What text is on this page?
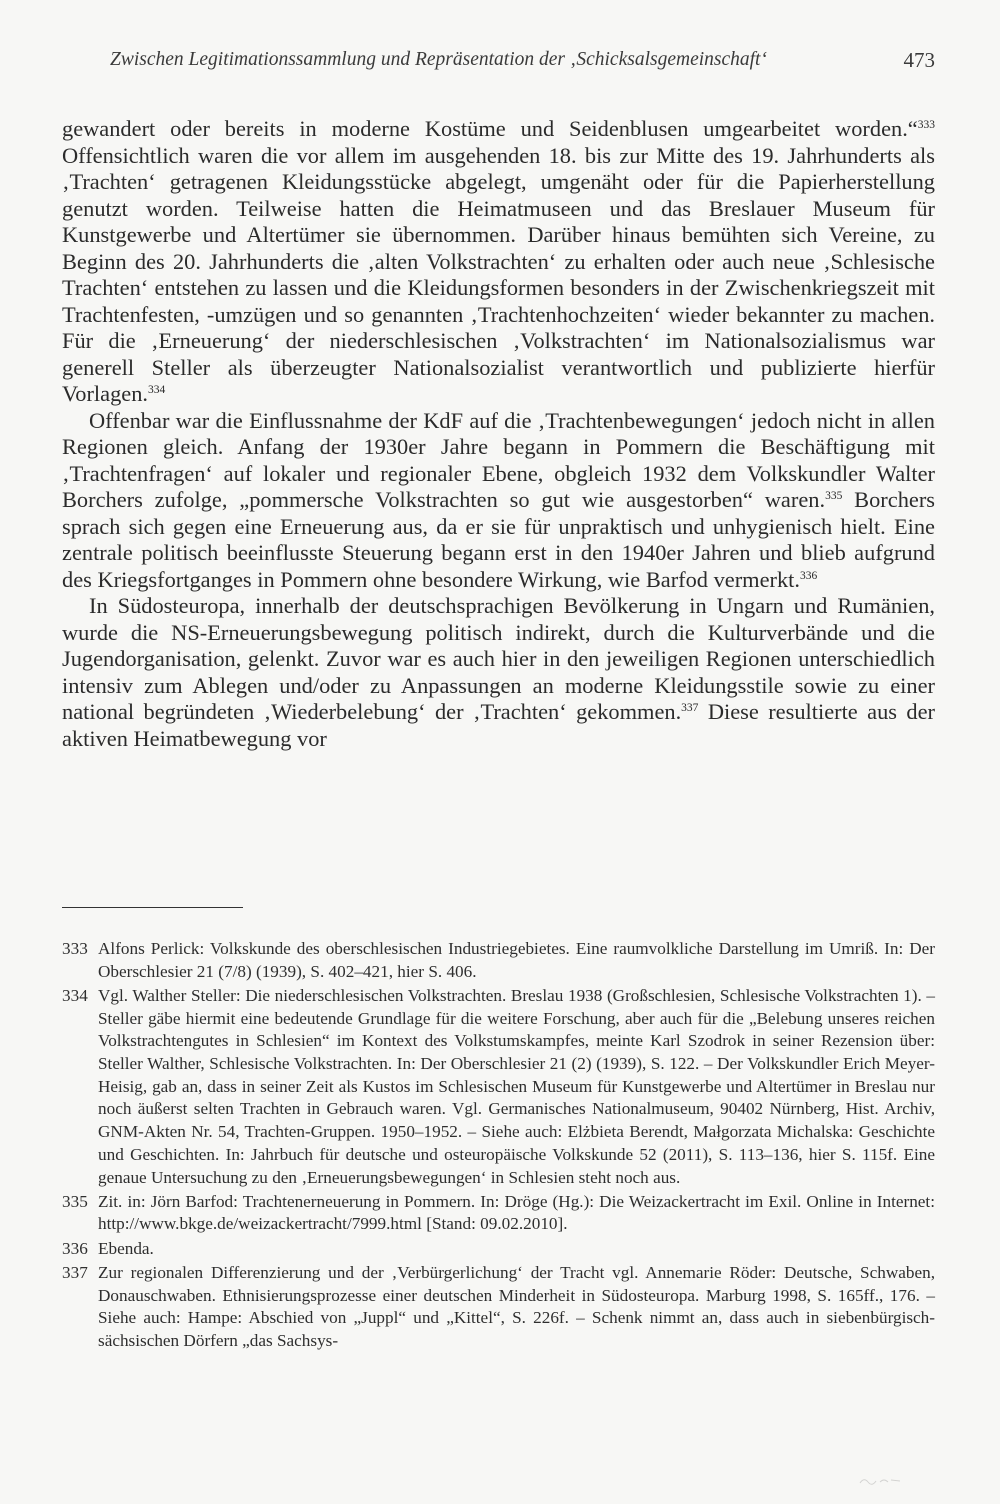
Zwischen Legitimationssammlung und Repräsentation der ‚Schicksalsgemeinschaft‘	473

gewandert oder bereits in moderne Kostüme und Seidenblusen umgearbeitet worden.“$^{333}$ Offensichtlich waren die vor allem im ausgehenden 18. bis zur Mitte des 19. Jahrhunderts als ‚Trachten‘ getragenen Kleidungsstücke abgelegt, umgenäht oder für die Papierherstellung genutzt worden. Teilweise hatten die Heimatmuseen und das Breslauer Museum für Kunstgewerbe und Altertümer sie übernommen. Darüber hinaus bemühten sich Vereine, zu Beginn des 20. Jahrhunderts die ‚alten Volkstrachten‘ zu erhalten oder auch neue ‚Schlesische Trachten‘ entstehen zu lassen und die Kleidungsformen besonders in der Zwischenkriegszeit mit Trachtenfesten, -umzügen und so genannten ‚Trachtenhochzeiten‘ wieder bekannter zu machen. Für die ‚Erneuerung‘ der niederschlesischen ‚Volkstrachten‘ im Nationalsozialismus war generell Steller als überzeugter Nationalsozialist verantwortlich und publizierte hierfür Vorlagen.$^{334}$

Offenbar war die Einflussnahme der KdF auf die ‚Trachtenbewegungen‘ jedoch nicht in allen Regionen gleich. Anfang der 1930er Jahre begann in Pommern die Beschäftigung mit ‚Trachtenfragen‘ auf lokaler und regionaler Ebene, obgleich 1932 dem Volkskundler Walter Borchers zufolge, „pommersche Volkstrachten so gut wie ausgestorben“ waren.$^{335}$ Borchers sprach sich gegen eine Erneuerung aus, da er sie für unpraktisch und unhygienisch hielt. Eine zentrale politisch beeinflusste Steuerung begann erst in den 1940er Jahren und blieb aufgrund des Kriegsfortganges in Pommern ohne besondere Wirkung, wie Barfod vermerkt.$^{336}$

In Südosteuropa, innerhalb der deutschsprachigen Bevölkerung in Ungarn und Rumänien, wurde die NS-Erneuerungsbewegung politisch indirekt, durch die Kulturverbände und die Jugendorganisation, gelenkt. Zuvor war es auch hier in den jeweiligen Regionen unterschiedlich intensiv zum Ablegen und/oder zu Anpassungen an moderne Kleidungsstile sowie zu einer national begründeten ‚Wiederbelebung‘ der ‚Trachten‘ gekommen.$^{337}$ Diese resultierte aus der aktiven Heimatbewegung vor

333 Alfons Perlick: Volkskunde des oberschlesischen Industriegebietes. Eine raumvolkliche Darstellung im Umriß. In: Der Oberschlesier 21 (7/8) (1939), S. 402–421, hier S. 406.
334 Vgl. Walther Steller: Die niederschlesischen Volkstrachten. Breslau 1938 (Großschlesien, Schlesische Volkstrachten 1). – Steller gäbe hiermit eine bedeutende Grundlage für die weitere Forschung, aber auch für die „Belebung unseres reichen Volkstrachtengutes in Schlesien“ im Kontext des Volkstumskampfes, meinte Karl Szodrok in seiner Rezension über: Steller Walther, Schlesische Volkstrachten. In: Der Oberschlesier 21 (2) (1939), S. 122. – Der Volkskundler Erich Meyer-Heisig, gab an, dass in seiner Zeit als Kustos im Schlesischen Museum für Kunstgewerbe und Altertümer in Breslau nur noch äußerst selten Trachten in Gebrauch waren. Vgl. Germanisches Nationalmuseum, 90402 Nürnberg, Hist. Archiv, GNM-Akten Nr. 54, Trachten-Gruppen. 1950–1952. – Siehe auch: Elżbieta Berendt, Małgorzata Michalska: Geschichte und Geschichten. In: Jahrbuch für deutsche und osteuropäische Volkskunde 52 (2011), S. 113–136, hier S. 115f. Eine genaue Untersuchung zu den ‚Erneuerungsbewegungen‘ in Schlesien steht noch aus.
335 Zit. in: Jörn Barfod: Trachtenerneuerung in Pommern. In: Dröge (Hg.): Die Weizackertracht im Exil. Online in Internet: http://www.bkge.de/weizackertracht/7999.html [Stand: 09.02.2010].
336 Ebenda.
337 Zur regionalen Differenzierung und der ‚Verbürgerlichung‘ der Tracht vgl. Annemarie Röder: Deutsche, Schwaben, Donauschwaben. Ethnisierungsprozesse einer deutschen Minderheit in Südosteuropa. Marburg 1998, S. 165ff., 176. – Siehe auch: Hampe: Abschied von „Juppl“ und „Kittel“, S. 226f. – Schenk nimmt an, dass auch in siebenbürgisch-sächsischen Dörfern „das Sachsys-
